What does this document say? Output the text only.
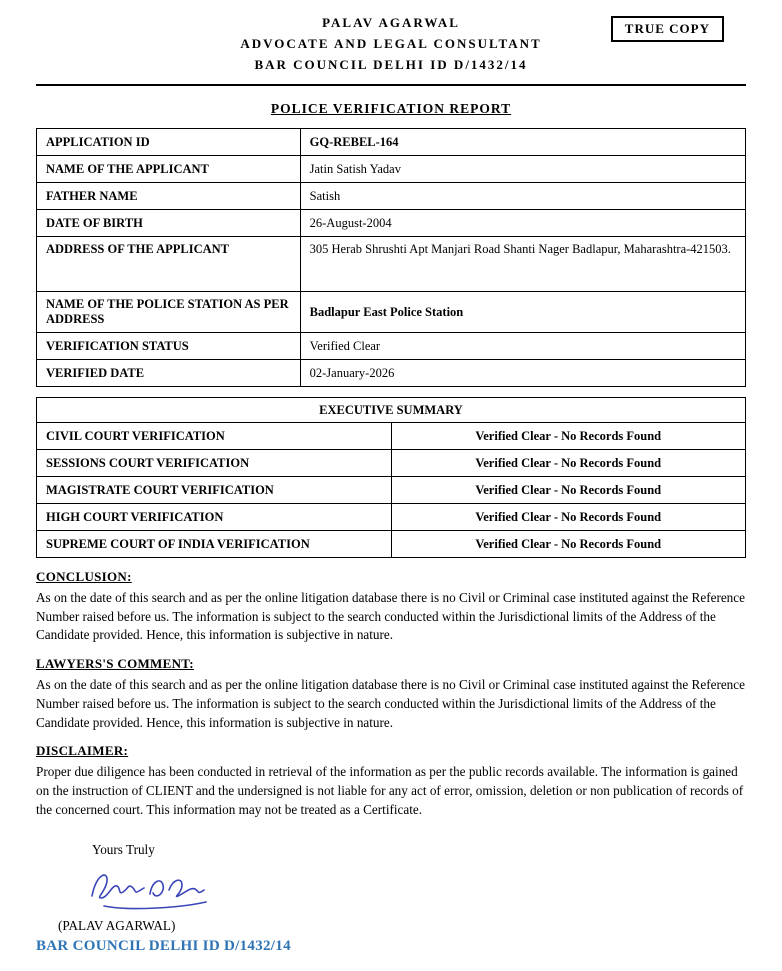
PALAV AGARWAL
ADVOCATE AND LEGAL CONSULTANT
BAR COUNCIL DELHI ID D/1432/14
TRUE COPY
POLICE VERIFICATION REPORT
APPLICATION ID	GQ-REBEL-164
NAME OF THE APPLICANT	Jatin Satish Yadav
FATHER NAME	Satish
DATE OF BIRTH	26-August-2004
ADDRESS OF THE APPLICANT	305 Herab Shrushti Apt Manjari Road Shanti Nager Badlapur, Maharashtra-421503.
NAME OF THE POLICE STATION AS PER ADDRESS	Badlapur East Police Station
VERIFICATION STATUS	Verified Clear
VERIFIED DATE	02-January-2026
EXECUTIVE SUMMARY	
CIVIL COURT VERIFICATION	Verified Clear - No Records Found
SESSIONS COURT VERIFICATION	Verified Clear - No Records Found
MAGISTRATE COURT VERIFICATION	Verified Clear - No Records Found
HIGH COURT VERIFICATION	Verified Clear - No Records Found
SUPREME COURT OF INDIA VERIFICATION	Verified Clear - No Records Found
CONCLUSION:

As on the date of this search and as per the online litigation database there is no Civil or Criminal case instituted against the Reference Number raised before us. The information is subject to the search conducted within the Jurisdictional limits of the Address of the Candidate provided. Hence, this information is subjective in nature.

LAWYERS'S COMMENT:

As on the date of this search and as per the online litigation database there is no Civil or Criminal case instituted against the Reference Number raised before us. The information is subject to the search conducted within the Jurisdictional limits of the Address of the Candidate provided. Hence, this information is subjective in nature.

DISCLAIMER:

Proper due diligence has been conducted in retrieval of the information as per the public records available. The information is gained on the instruction of CLIENT and the undersigned is not liable for any act of error, omission, deletion or non publication of records of the concerned court. This information may not be treated as a Certificate.

Yours Truly
(PALAV AGARWAL)
BAR COUNCIL DELHI ID D/1432/14
